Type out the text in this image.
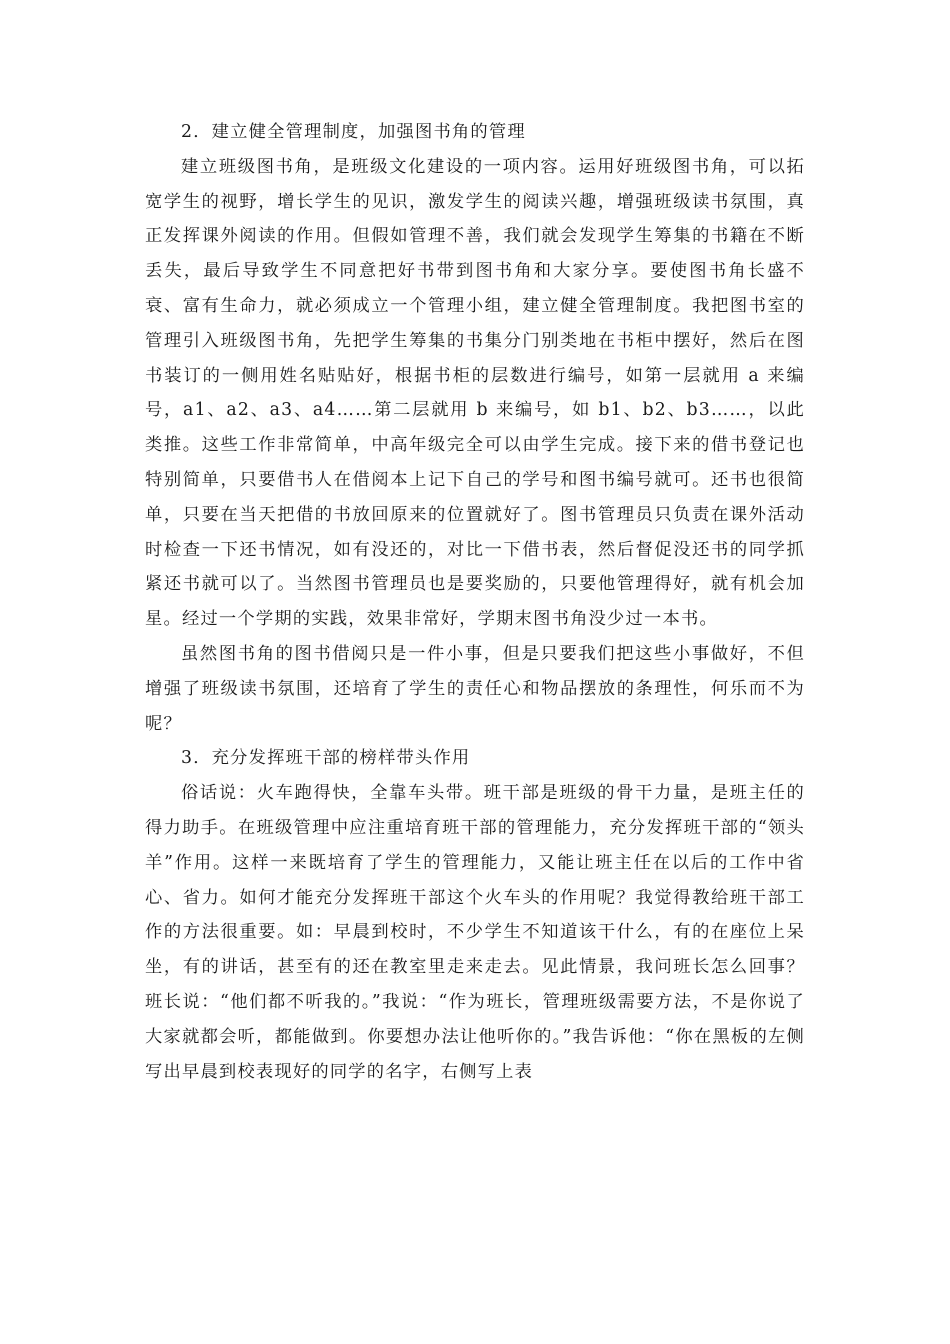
2．建立健全管理制度，加强图书角的管理

建立班级图书角，是班级文化建设的一项内容。运用好班级图书角，可以拓宽学生的视野，增长学生的见识，激发学生的阅读兴趣，增强班级读书氛围，真正发挥课外阅读的作用。但假如管理不善，我们就会发现学生筹集的书籍在不断丢失，最后导致学生不同意把好书带到图书角和大家分享。要使图书角长盛不衰、富有生命力，就必须成立一个管理小组，建立健全管理制度。我把图书室的管理引入班级图书角，先把学生筹集的书集分门别类地在书柜中摆好，然后在图书装订的一侧用姓名贴贴好，根据书柜的层数进行编号，如第一层就用 a 来编号，a1、a2、a3、a4……第二层就用 b 来编号，如 b1、b2、b3……，以此类推。这些工作非常简单，中高年级完全可以由学生完成。接下来的借书登记也特别简单，只要借书人在借阅本上记下自己的学号和图书编号就可。还书也很简单，只要在当天把借的书放回原来的位置就好了。图书管理员只负责在课外活动时检查一下还书情况，如有没还的，对比一下借书表，然后督促没还书的同学抓紧还书就可以了。当然图书管理员也是要奖励的，只要他管理得好，就有机会加星。经过一个学期的实践，效果非常好，学期末图书角没少过一本书。

虽然图书角的图书借阅只是一件小事，但是只要我们把这些小事做好，不但增强了班级读书氛围，还培育了学生的责任心和物品摆放的条理性，何乐而不为呢？

3．充分发挥班干部的榜样带头作用

俗话说：火车跑得快，全靠车头带。班干部是班级的骨干力量，是班主任的得力助手。在班级管理中应注重培育班干部的管理能力，充分发挥班干部的“领头羊”作用。这样一来既培育了学生的管理能力，又能让班主任在以后的工作中省心、省力。如何才能充分发挥班干部这个火车头的作用呢？我觉得教给班干部工作的方法很重要。如：早晨到校时，不少学生不知道该干什么，有的在座位上呆坐，有的讲话，甚至有的还在教室里走来走去。见此情景，我问班长怎么回事？班长说：“他们都不听我的。”我说：“作为班长，管理班级需要方法，不是你说了大家就都会听，都能做到。你要想办法让他听你的。”我告诉他：“你在黑板的左侧写出早晨到校表现好的同学的名字，右侧写上表
